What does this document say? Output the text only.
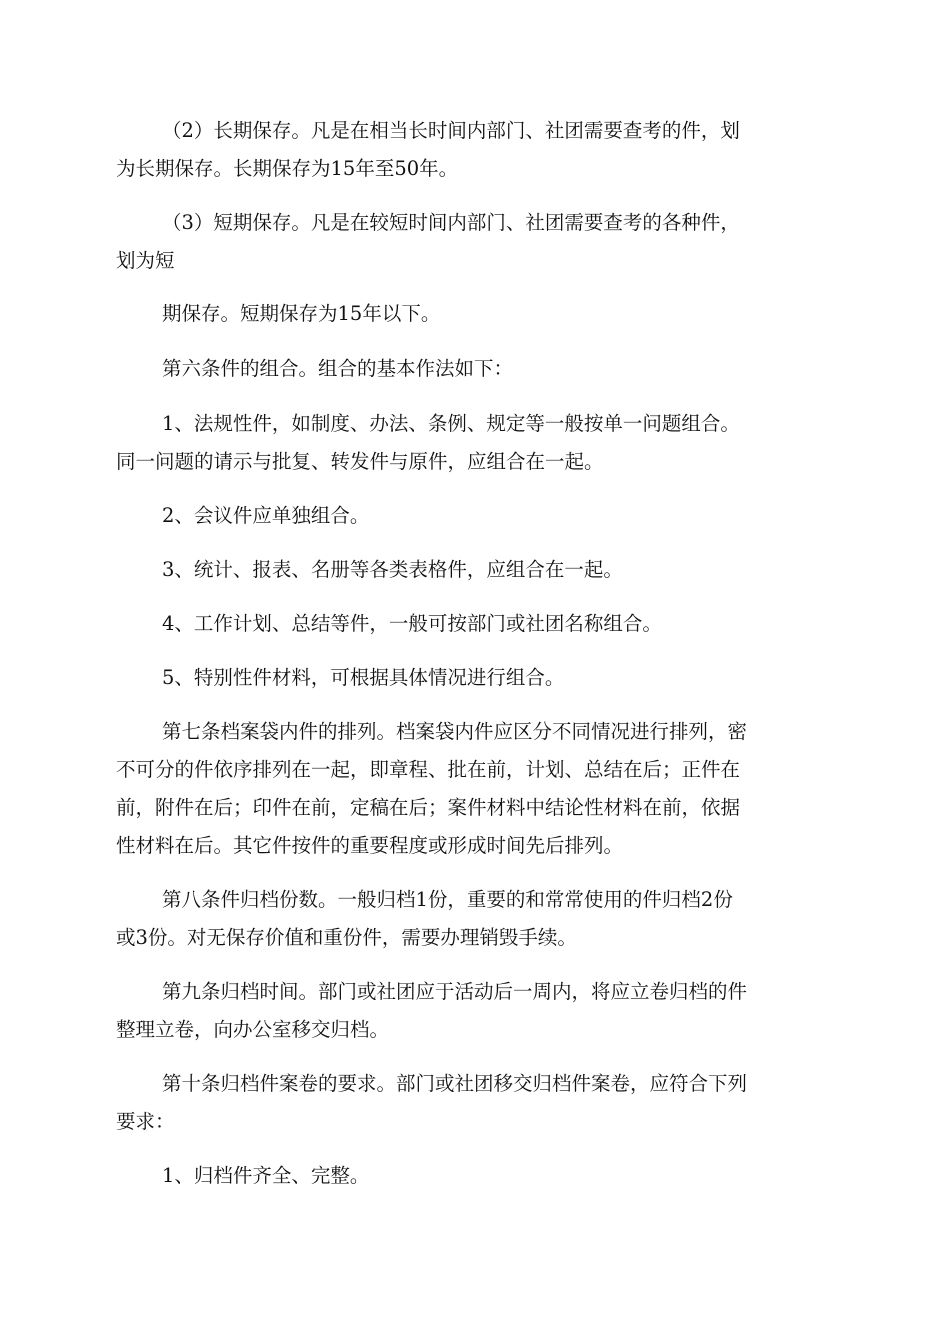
（2）长期保存。凡是在相当长时间内部门、社团需要查考的件，划
为长期保存。长期保存为15年至50年。
（3）短期保存。凡是在较短时间内部门、社团需要查考的各种件，
划为短
期保存。短期保存为15年以下。
第六条件的组合。组合的基本作法如下：
1、法规性件，如制度、办法、条例、规定等一般按单一问题组合。
同一问题的请示与批复、转发件与原件，应组合在一起。
2、会议件应单独组合。
3、统计、报表、名册等各类表格件，应组合在一起。
4、工作计划、总结等件，一般可按部门或社团名称组合。
5、特别性件材料，可根据具体情况进行组合。
第七条档案袋内件的排列。档案袋内件应区分不同情况进行排列，密
不可分的件依序排列在一起，即章程、批在前，计划、总结在后；正件在
前，附件在后；印件在前，定稿在后；案件材料中结论性材料在前，依据
性材料在后。其它件按件的重要程度或形成时间先后排列。
第八条件归档份数。一般归档1份，重要的和常常使用的件归档2份
或3份。对无保存价值和重份件，需要办理销毁手续。
第九条归档时间。部门或社团应于活动后一周内，将应立卷归档的件
整理立卷，向办公室移交归档。
第十条归档件案卷的要求。部门或社团移交归档件案卷，应符合下列
要求：
1、归档件齐全、完整。
